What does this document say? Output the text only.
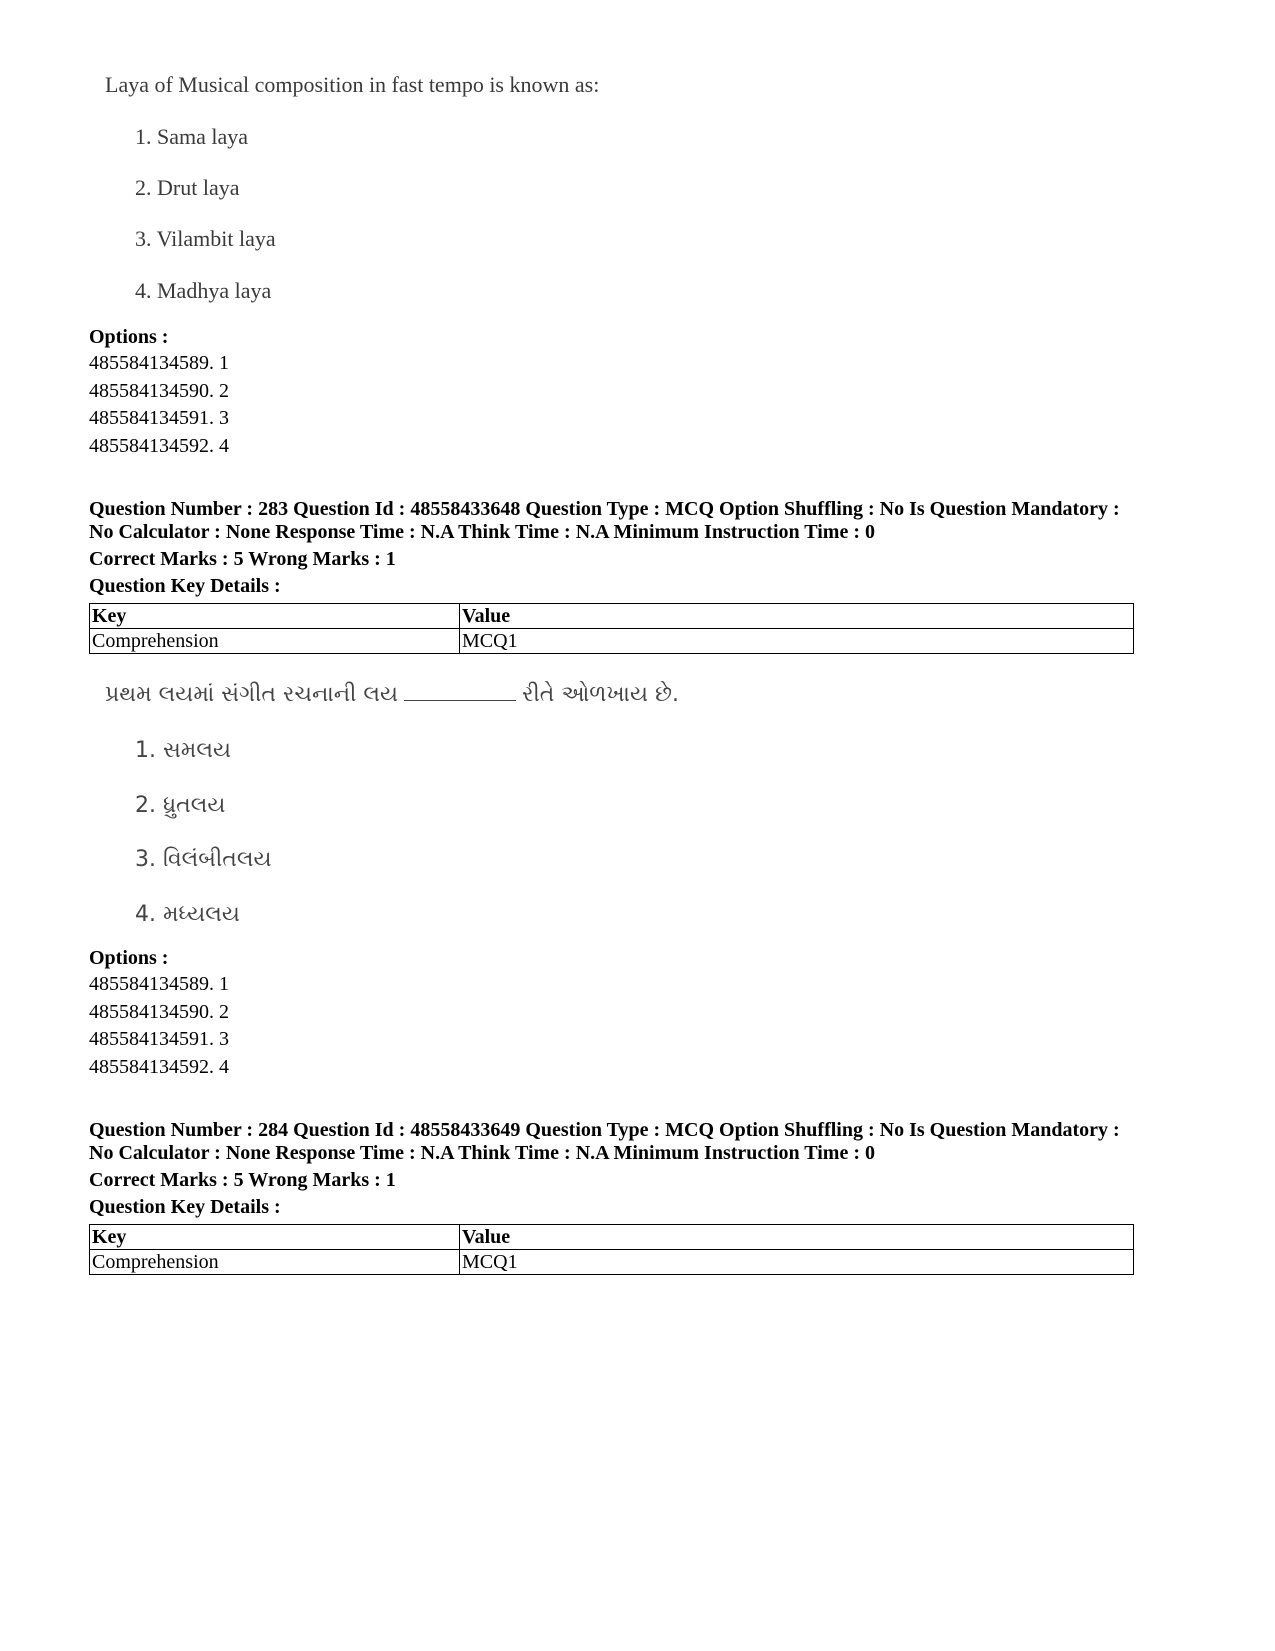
Laya of Musical composition in fast tempo is known as:

1. Sama laya
2. Drut laya
3. Vilambit laya
4. Madhya laya
Options :
485584134589. 1
485584134590. 2
485584134591. 3
485584134592. 4
Question Number : 283 Question Id : 48558433648 Question Type : MCQ Option Shuffling : No Is Question Mandatory :
No Calculator : None Response Time : N.A Think Time : N.A Minimum Instruction Time : 0
Correct Marks : 5 Wrong Marks : 1
Question Key Details :
Key	Value
Comprehension	MCQ1

પ્રથમ લયમાં સંગીત રચનાની લય	રીતે ઓળખાય છે.

1. સમલય
2. ધ્રુતલય
3. વિલંબીતલય
4. મધ્યલય
Options :
485584134589. 1
485584134590. 2
485584134591. 3
485584134592. 4
Question Number : 284 Question Id : 48558433649 Question Type : MCQ Option Shuffling : No Is Question Mandatory :
No Calculator : None Response Time : N.A Think Time : N.A Minimum Instruction Time : 0
Correct Marks : 5 Wrong Marks : 1
Question Key Details :
Key	Value
Comprehension	MCQ1
